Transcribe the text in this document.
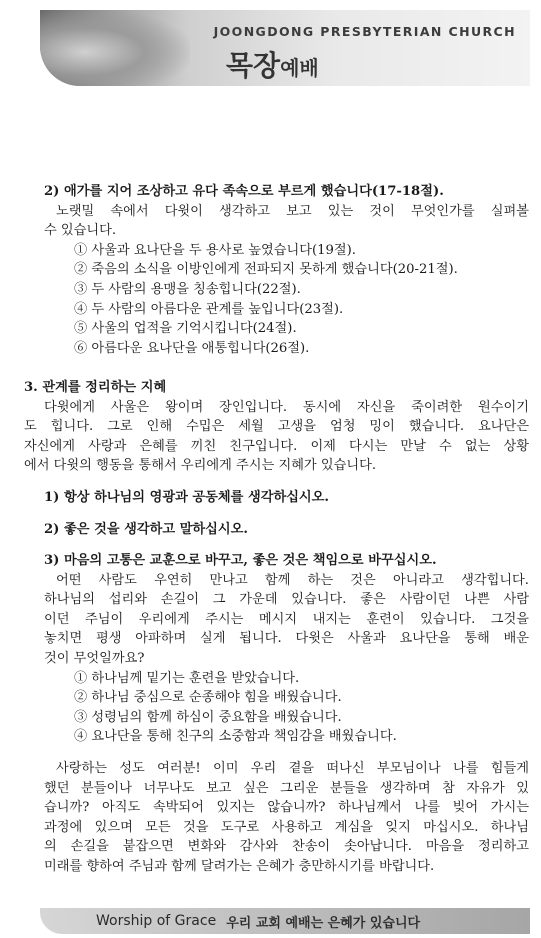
JOONGDONG PRESBYTERIAN CHURCH
목장예배
2) 애가를 지어 조상하고 유다 족속으로 부르게 했습니다(17-18절).
노랫밀 속에서 다윗이 생각하고 보고 있는 것이 무엇인가를 실펴볼
수 있습니다.
① 사울과 요나단을 두 용사로 높였습니다(19절).
② 죽음의 소식을 이방인에게 전파되지 못하게 했습니다(20-21절).
③ 두 사람의 용맹을 칭송힙니다(22절).
④ 두 사람의 아름다운 관계를 높입니다(23절).
⑤ 사울의 업적을 기억시킵니다(24절).
⑥ 아름다운 요나단을 애통힙니다(26절).
3. 관계를 정리하는 지혜
다윗에게 사울은 왕이며 장인입니다. 동시에 자신을 죽이려한 원수이기
도 힙니다. 그로 인해 수밉은 세월 고생을 엄청 밍이 했습니다. 요나단은
자신에게 사랑과 은혜를 끼친 친구입니다. 이제 다시는 만날 수 없는 상황
에서 다윗의 행동을 통해서 우리에게 주시는 지혜가 있습니다.
1) 항상 하나님의 영광과 공동체를 생각하십시오.
2) 좋은 것을 생각하고 말하십시오.
3) 마음의 고통은 교훈으로 바꾸고, 좋은 것은 책임으로 바꾸십시오.
어떤 사람도 우연히 만나고 함께 하는 것은 아니라고 생각힙니다.
하나님의 섭리와 손길이 그 가운데 있습니다. 좋은 사람이던 나쁜 사람
이던 주님이 우리에게 주시는 메시지 내지는 훈련이 있습니다. 그것을
놓치면 평생 아파하며 실게 됩니다. 다윗은 사울과 요나단을 통해 배운
것이 무엇일까요?
① 하나님께 밑기는 훈련을 받았습니다.
② 하나님 중심으로 순종해야 힘을 배웠습니다.
③ 성령님의 함께 하심이 중요함을 배웠습니다.
④ 요나단을 통해 친구의 소중함과 책임감을 배웠습니다.
사랑하는 성도 여러분! 이미 우리 곁을 떠나신 부모님이나 나를 힘들게
했던 분들이나 너무나도 보고 싶은 그리운 분들을 생각하며 참 자유가 있
습니까? 아직도 속박되어 있지는 않습니까? 하나님께서 나를 빚어 가시는
과정에 있으며 모든 것을 도구로 사용하고 계심을 잊지 마십시오. 하나님
의 손길을 붙잡으면 변화와 감사와 찬송이 솟아납니다. 마음을 정리하고
미래를 향하여 주님과 함께 달려가는 은혜가 충만하시기를 바랍니다.
Worship of Grace 우리 교회 예배는 은혜가 있습니다
